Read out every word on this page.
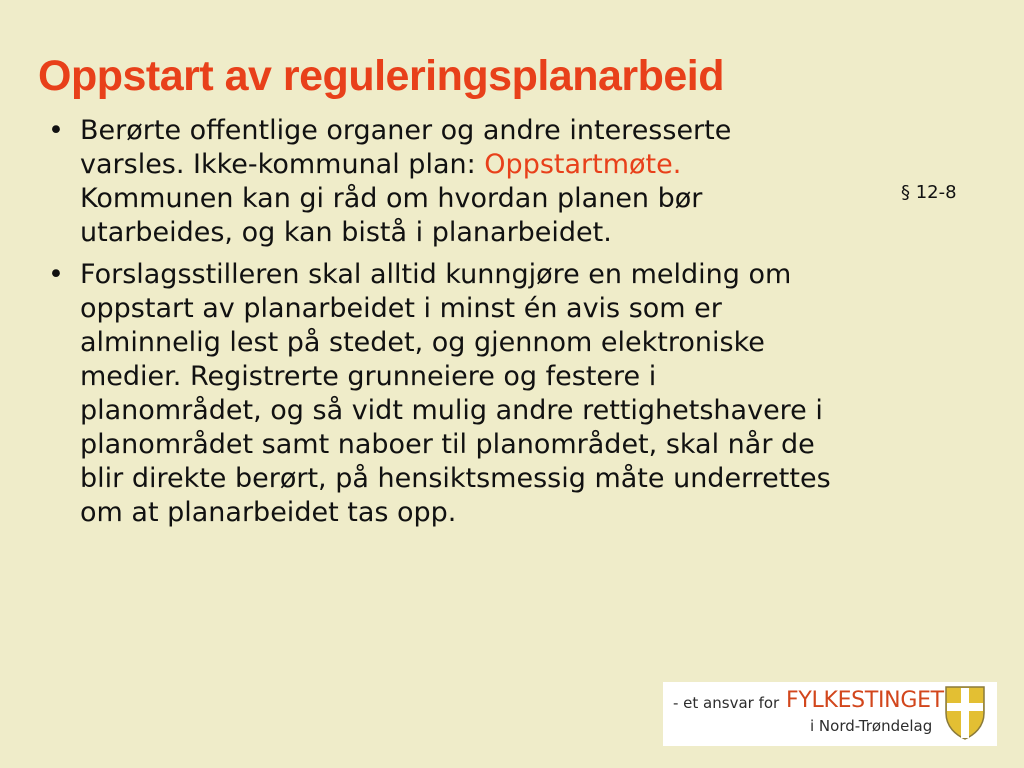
Oppstart av reguleringsplanarbeid
• Berørte offentlige organer og andre interesserte varsles. Ikke-kommunal plan: Oppstartmøte. Kommunen kan gi råd om hvordan planen bør utarbeides, og kan bistå i planarbeidet.
• Forslagsstilleren skal alltid kunngjøre en melding om oppstart av planarbeidet i minst én avis som er alminnelig lest på stedet, og gjennom elektroniske medier. Registrerte grunneiere og festere i planområdet, og så vidt mulig andre rettighetshavere i planområdet samt naboer til planområdet, skal når de blir direkte berørt, på hensiktsmessig måte underrettes om at planarbeidet tas opp.
§ 12-8
- et ansvar for FYLKESTINGET
i Nord-Trøndelag
